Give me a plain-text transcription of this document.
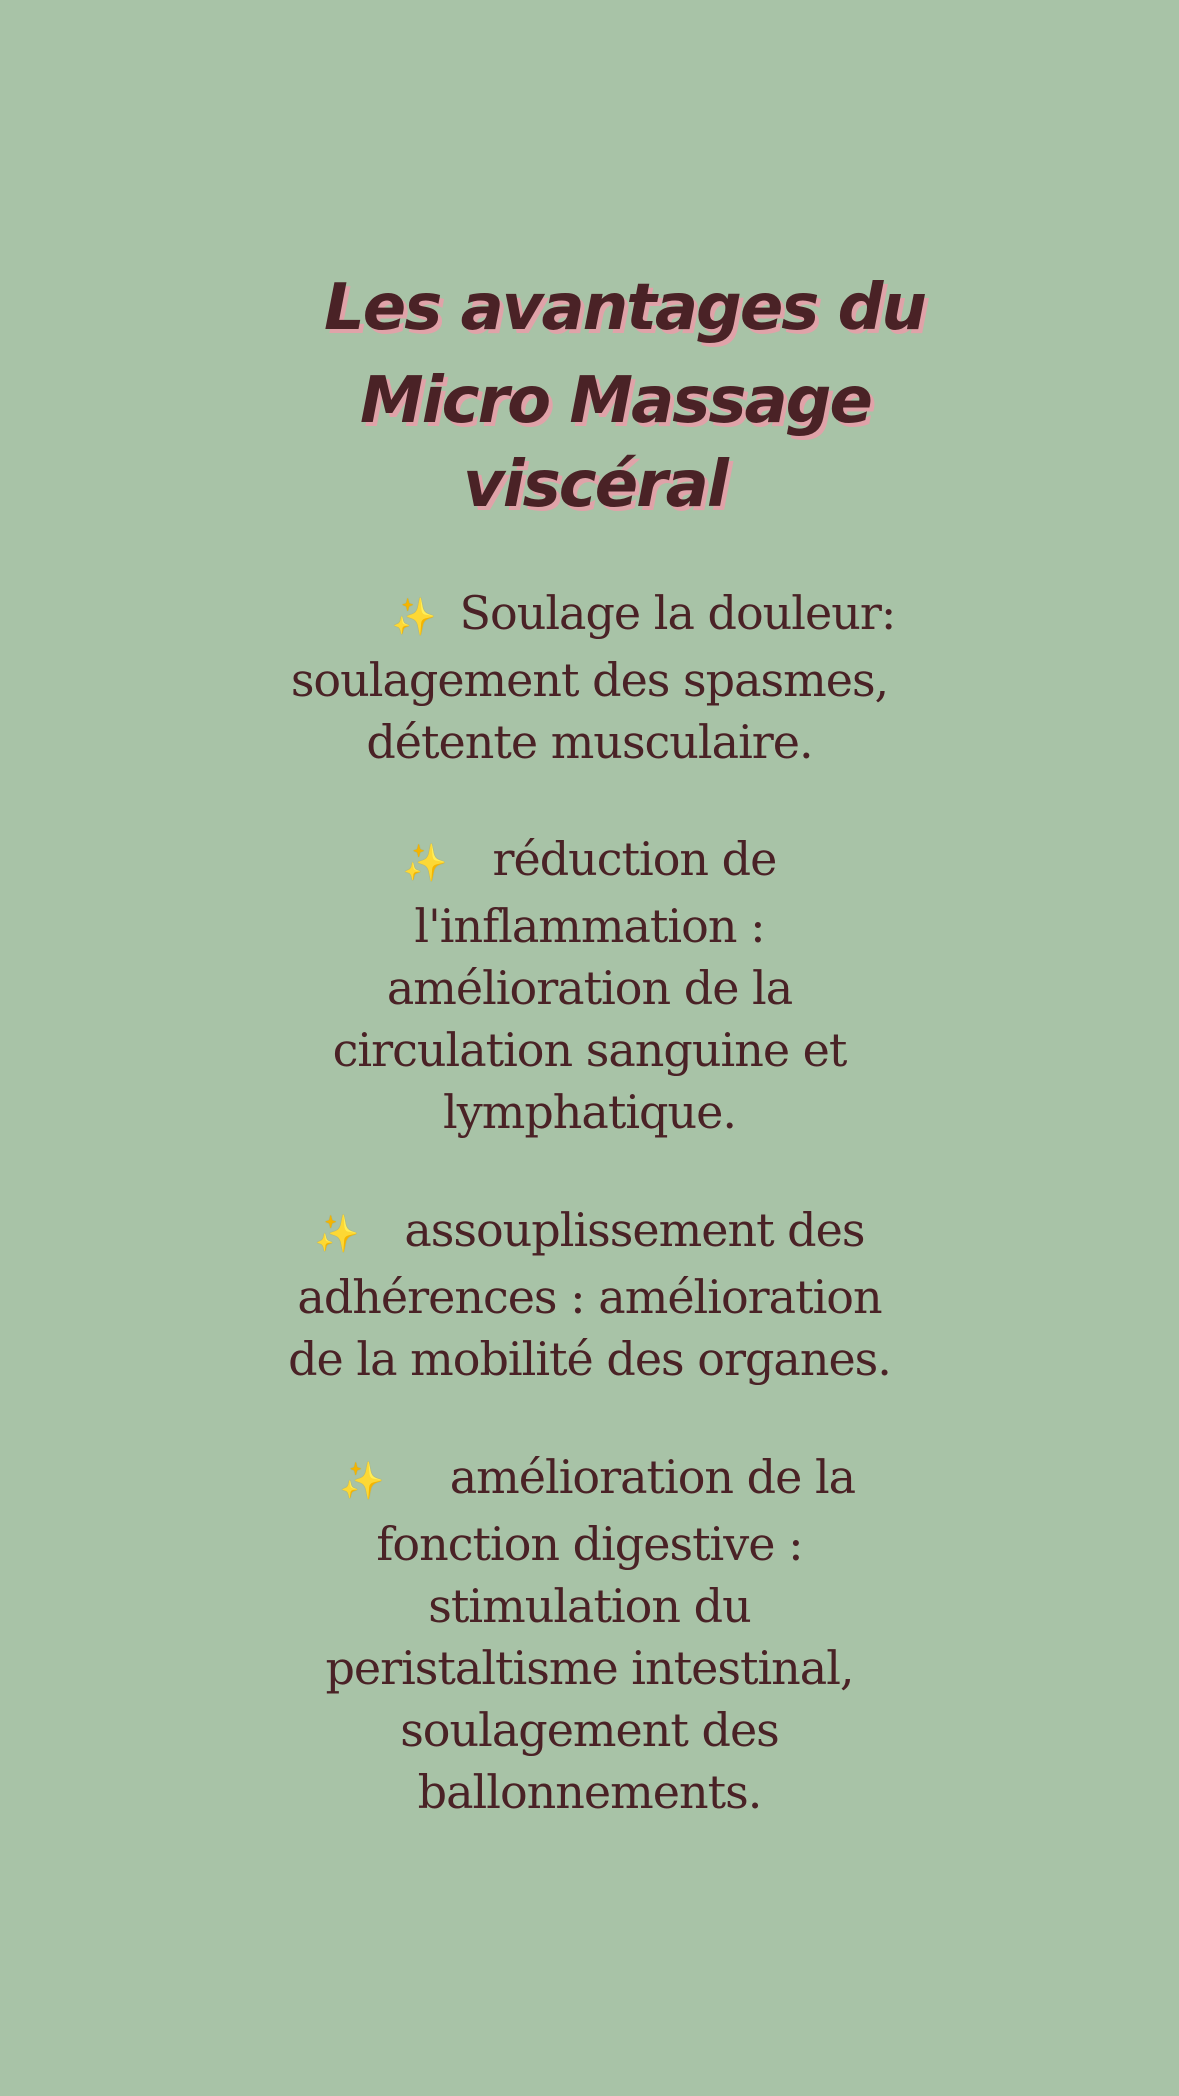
Les avantages du
Micro Massage
viscéral
✨ Soulage la douleur:
soulagement des spasmes,
détente musculaire.
✨ réduction de
l'inflammation :
amélioration de la
circulation sanguine et
lymphatique.
✨ assouplissement des
adhérences : amélioration
de la mobilité des organes.
✨ amélioration de la
fonction digestive :
stimulation du
peristaltisme intestinal,
soulagement des
ballonnements.
